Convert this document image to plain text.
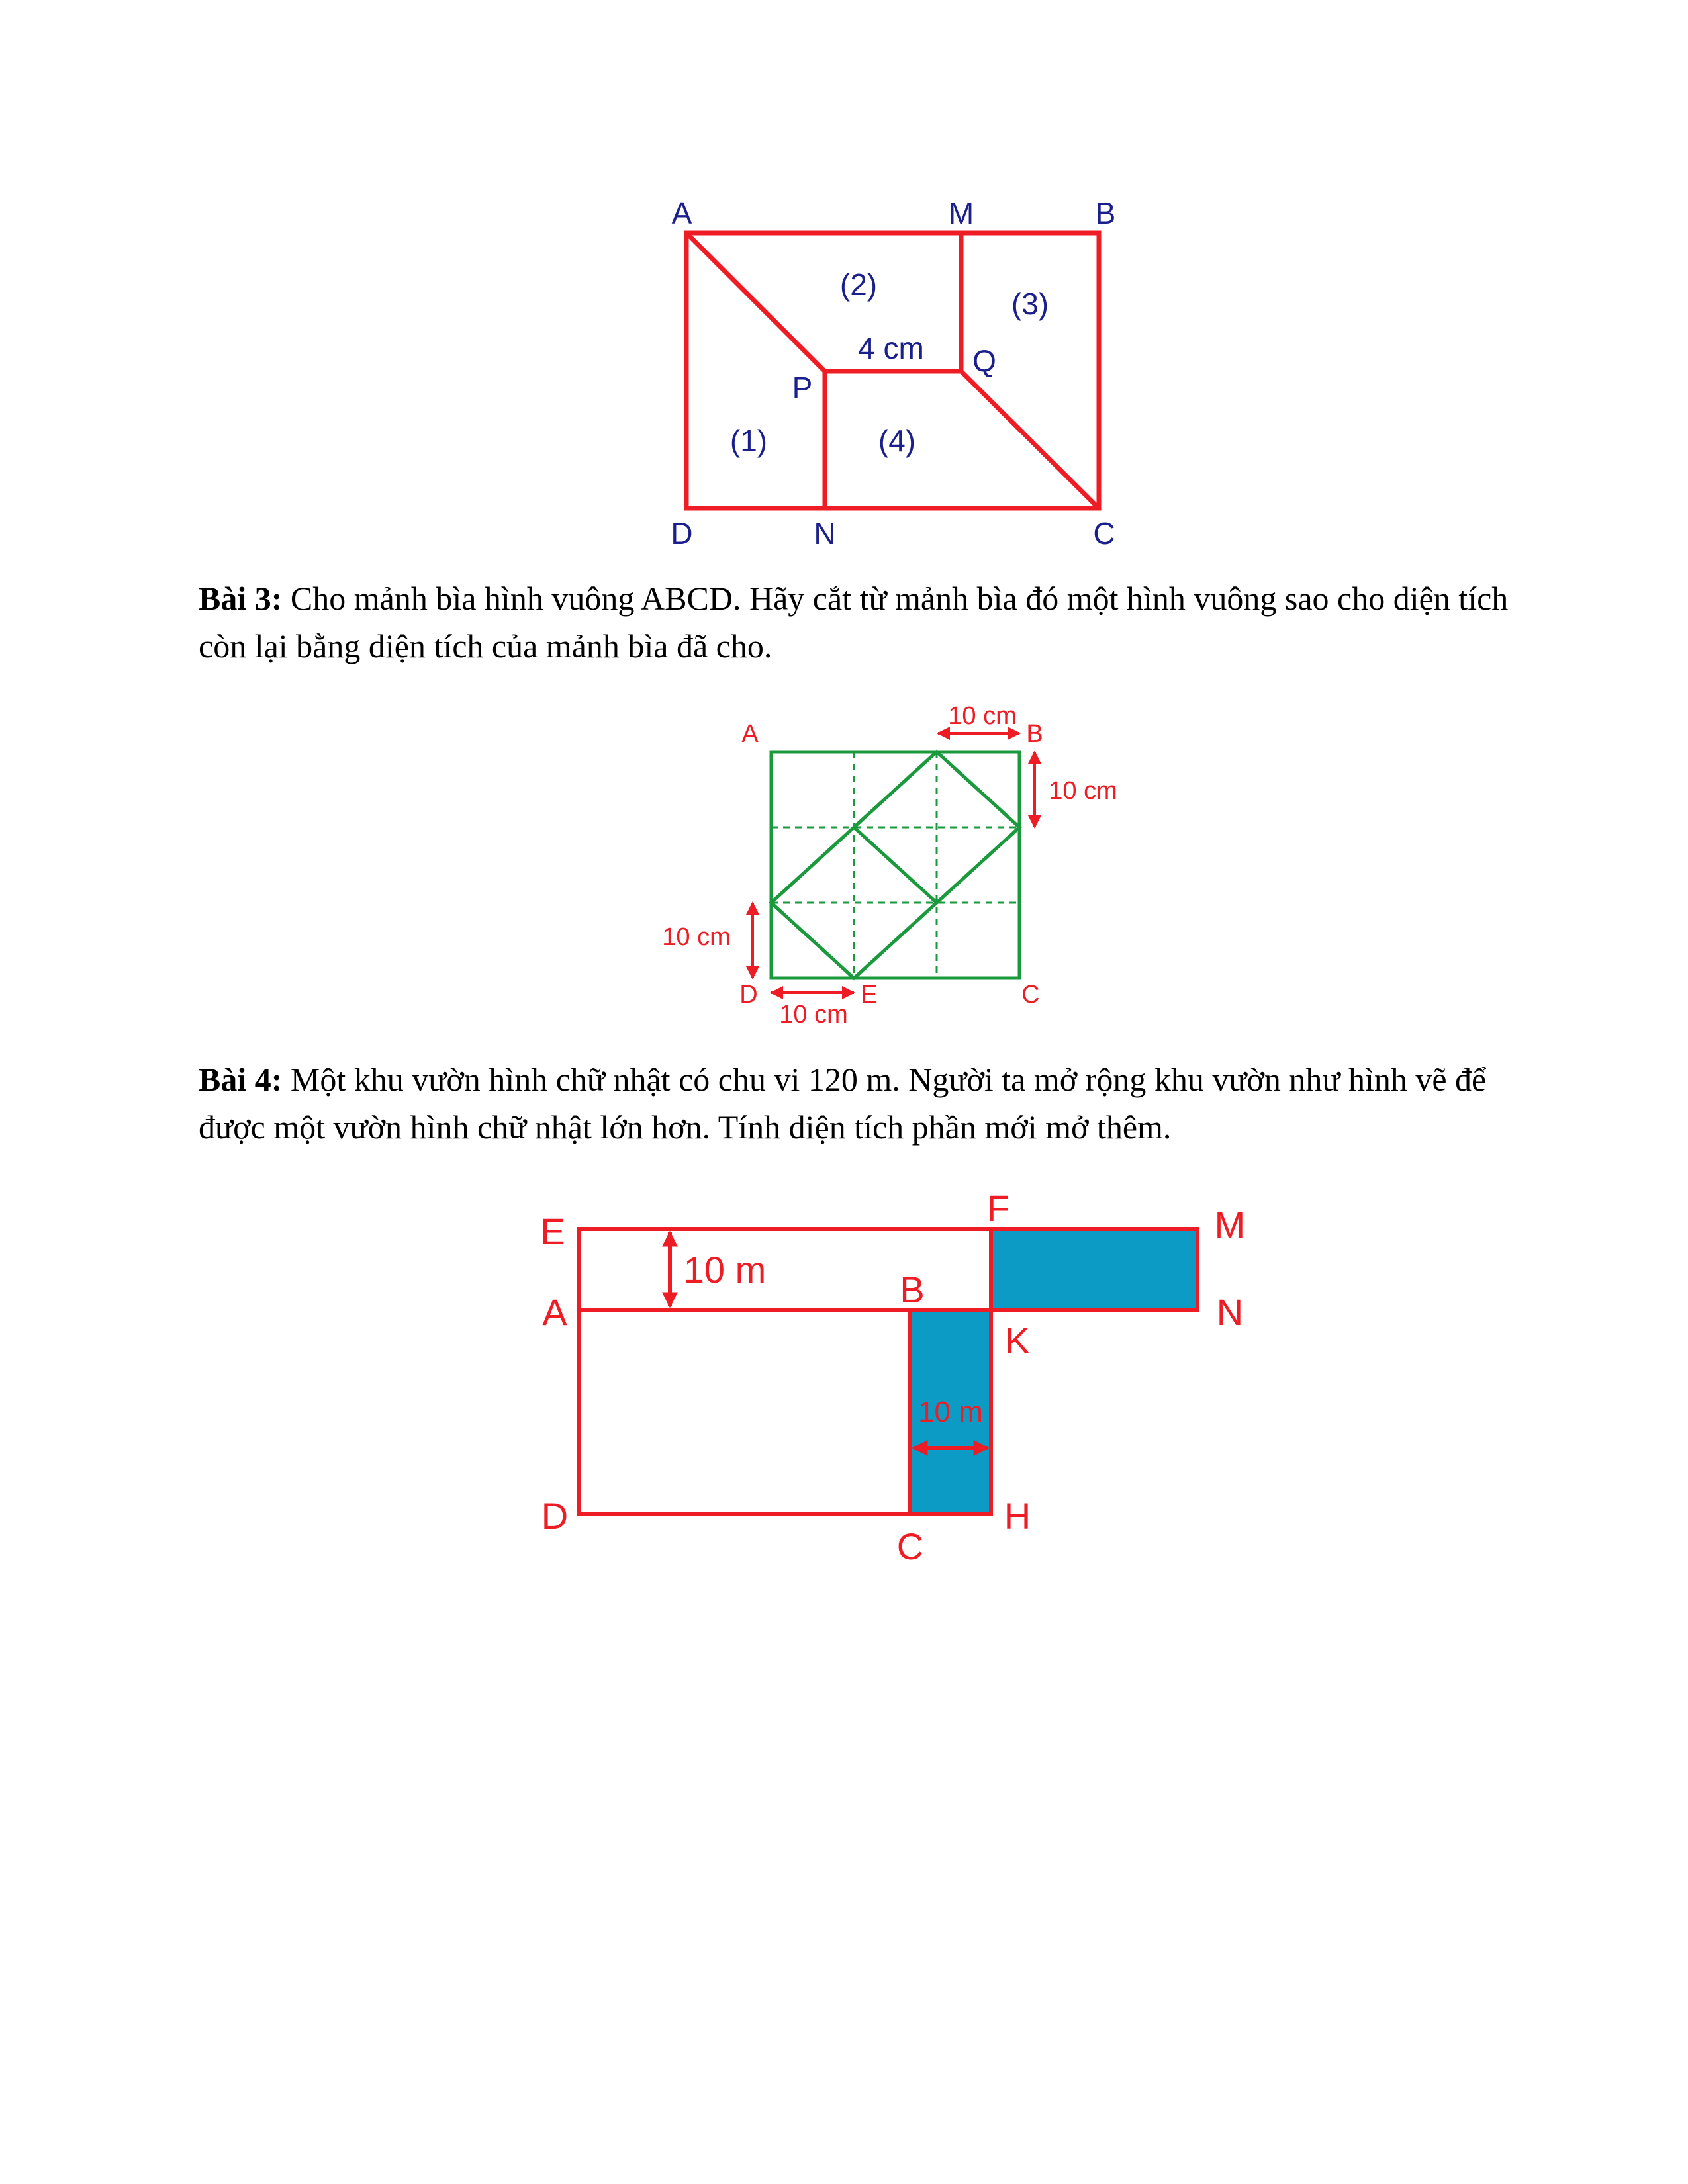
A	M	B
P
Q
D	N	C
(1)
(2)
(3)
(4)
4 cm

Bài 3: Cho mảnh bìa hình vuông ABCD. Hãy cắt từ mảnh bìa đó một hình vuông sao cho diện tích còn lại bằng diện tích của mảnh bìa đã cho.

A	B
C
D	E
10 cm
10 cm
10 cm
10 cm

Bài 4: Một khu vườn hình chữ nhật có chu vi 120 m. Người ta mở rộng khu vườn như hình vẽ để được một vườn hình chữ nhật lớn hơn. Tính diện tích phần mới mở thêm.

E
F	M
A
B
N
K
D
C
H
10 m
10 m
